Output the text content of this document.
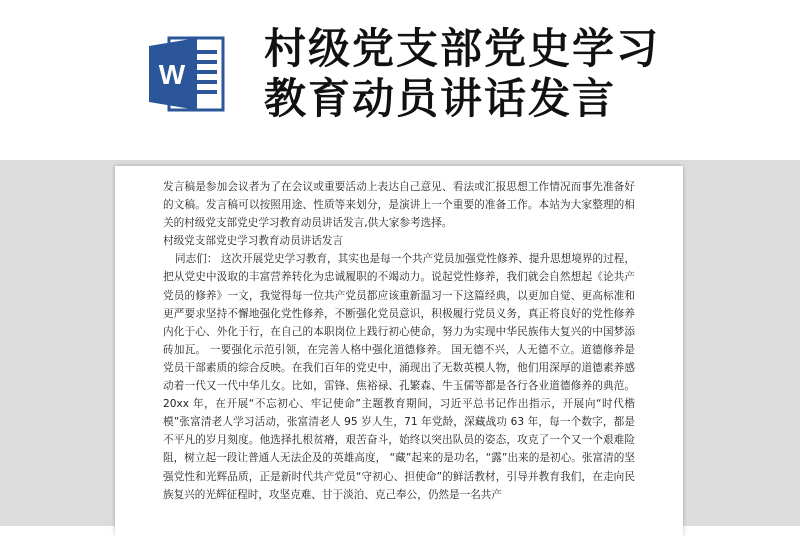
W
村级党支部党史学习
教育动员讲话发言

发言稿是参加会议者为了在会议或重要活动上表达自己意见、看法或汇报思想工作情况而事先准备好的文稿。发言稿可以按照用途、性质等来划分，是演讲上一个重要的准备工作。本站为大家整理的相关的村级党支部党史学习教育动员讲话发言,供大家参考选择。

村级党支部党史学习教育动员讲话发言

同志们： 这次开展党史学习教育，其实也是每一个共产党员加强党性修养、提升思想境界的过程，把从党史中汲取的丰富营养转化为忠诚履职的不竭动力。说起党性修养，我们就会自然想起《论共产党员的修养》一文，我觉得每一位共产党员都应该重新温习一下这篇经典，以更加自觉、更高标准和更严要求坚持不懈地强化党性修养，不断强化党员意识，积极履行党员义务，真正将良好的党性修养内化于心、外化于行，在自己的本职岗位上践行初心使命，努力为实现中华民族伟大复兴的中国梦添砖加瓦。 一要强化示范引领，在完善人格中强化道德修养。 国无德不兴，人无德不立。道德修养是党员干部素质的综合反映。在我们百年的党史中，涌现出了无数英模人物，他们用深厚的道德素养感动着一代又一代中华儿女。比如，雷锋、焦裕禄、孔繁森、牛玉儒等都是各行各业道德修养的典范。20xx 年，在开展“不忘初心、牢记使命”主题教育期间，习近平总书记作出指示，开展向“时代楷模”张富清老人学习活动，张富清老人 95 岁人生，71 年党龄，深藏战功 63 年，每一个数字，都是不平凡的岁月刻度。他选择扎根贫瘠，艰苦奋斗，始终以突出队员的姿态，攻克了一个又一个艰难险阻，树立起一段让普通人无法企及的英雄高度， “藏”起来的是功名，“露”出来的是初心。张富清的坚强党性和光辉品质，正是新时代共产党员“守初心、担使命”的鲜活教材，引导并教育我们，在走向民族复兴的光辉征程时，攻坚克难、甘于淡泊、克己奉公，仍然是一名共产
